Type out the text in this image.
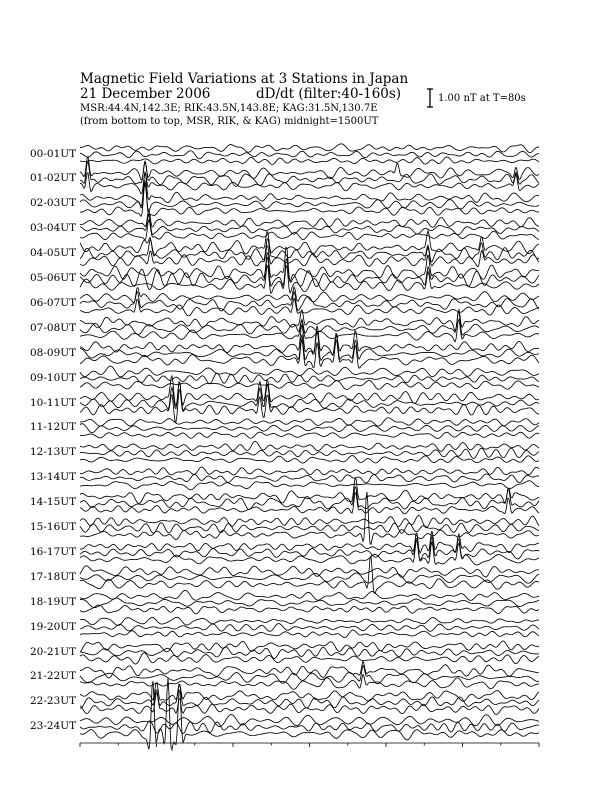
Magnetic Field Variations at 3 Stations in Japan
21 December 2006	dD/dt (filter:40-160s)
MSR:44.4N,142.3E; RIK:43.5N,143.8E; KAG:31.5N,130.7E
(from bottom to top, MSR, RIK, & KAG) midnight=1500UT
1.00 nT at T=80s
00-01UT
01-02UT
02-03UT
03-04UT
04-05UT
05-06UT
06-07UT
07-08UT
08-09UT
09-10UT
10-11UT
11-12UT
12-13UT
13-14UT
14-15UT
15-16UT
16-17UT
17-18UT
18-19UT
19-20UT
20-21UT
21-22UT
22-23UT
23-24UT
